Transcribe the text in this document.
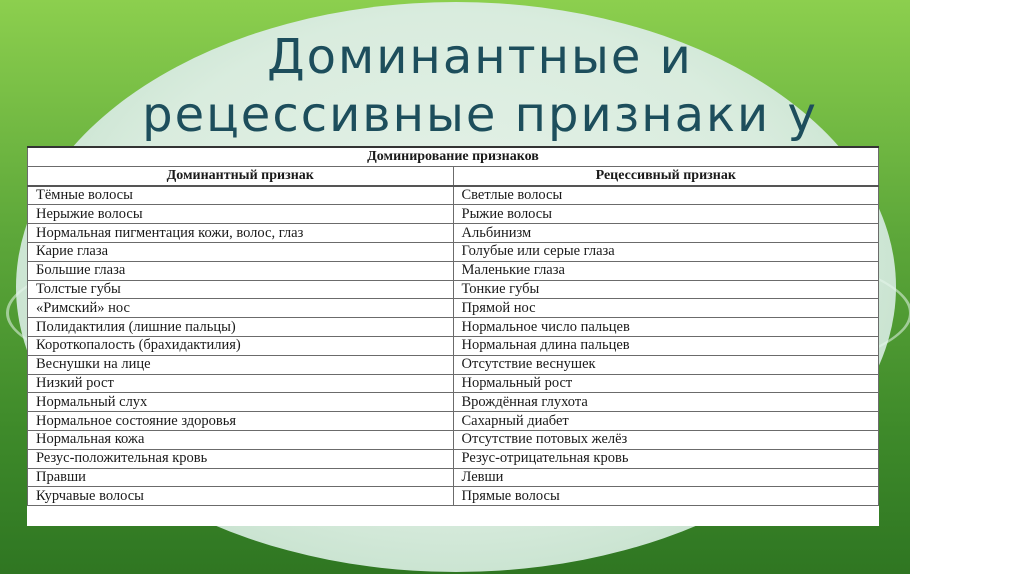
Доминантные и
рецессивные признаки у
Доминирование признаков	
Доминантный признак	Рецессивный признак
Тёмные волосы	Светлые волосы
Нерыжие волосы	Рыжие волосы
Нормальная пигментация кожи, волос, глаз	Альбинизм
Карие глаза	Голубые или серые глаза
Большие глаза	Маленькие глаза
Толстые губы	Тонкие губы
«Римский» нос	Прямой нос
Полидактилия (лишние пальцы)	Нормальное число пальцев
Короткопалость (брахидактилия)	Нормальная длина пальцев
Веснушки на лице	Отсутствие веснушек
Низкий рост	Нормальный рост
Нормальный слух	Врождённая глухота
Нормальное состояние здоровья	Сахарный диабет
Нормальная кожа	Отсутствие потовых желёз
Резус-положительная кровь	Резус-отрицательная кровь
Правши	Левши
Курчавые волосы	Прямые волосы
